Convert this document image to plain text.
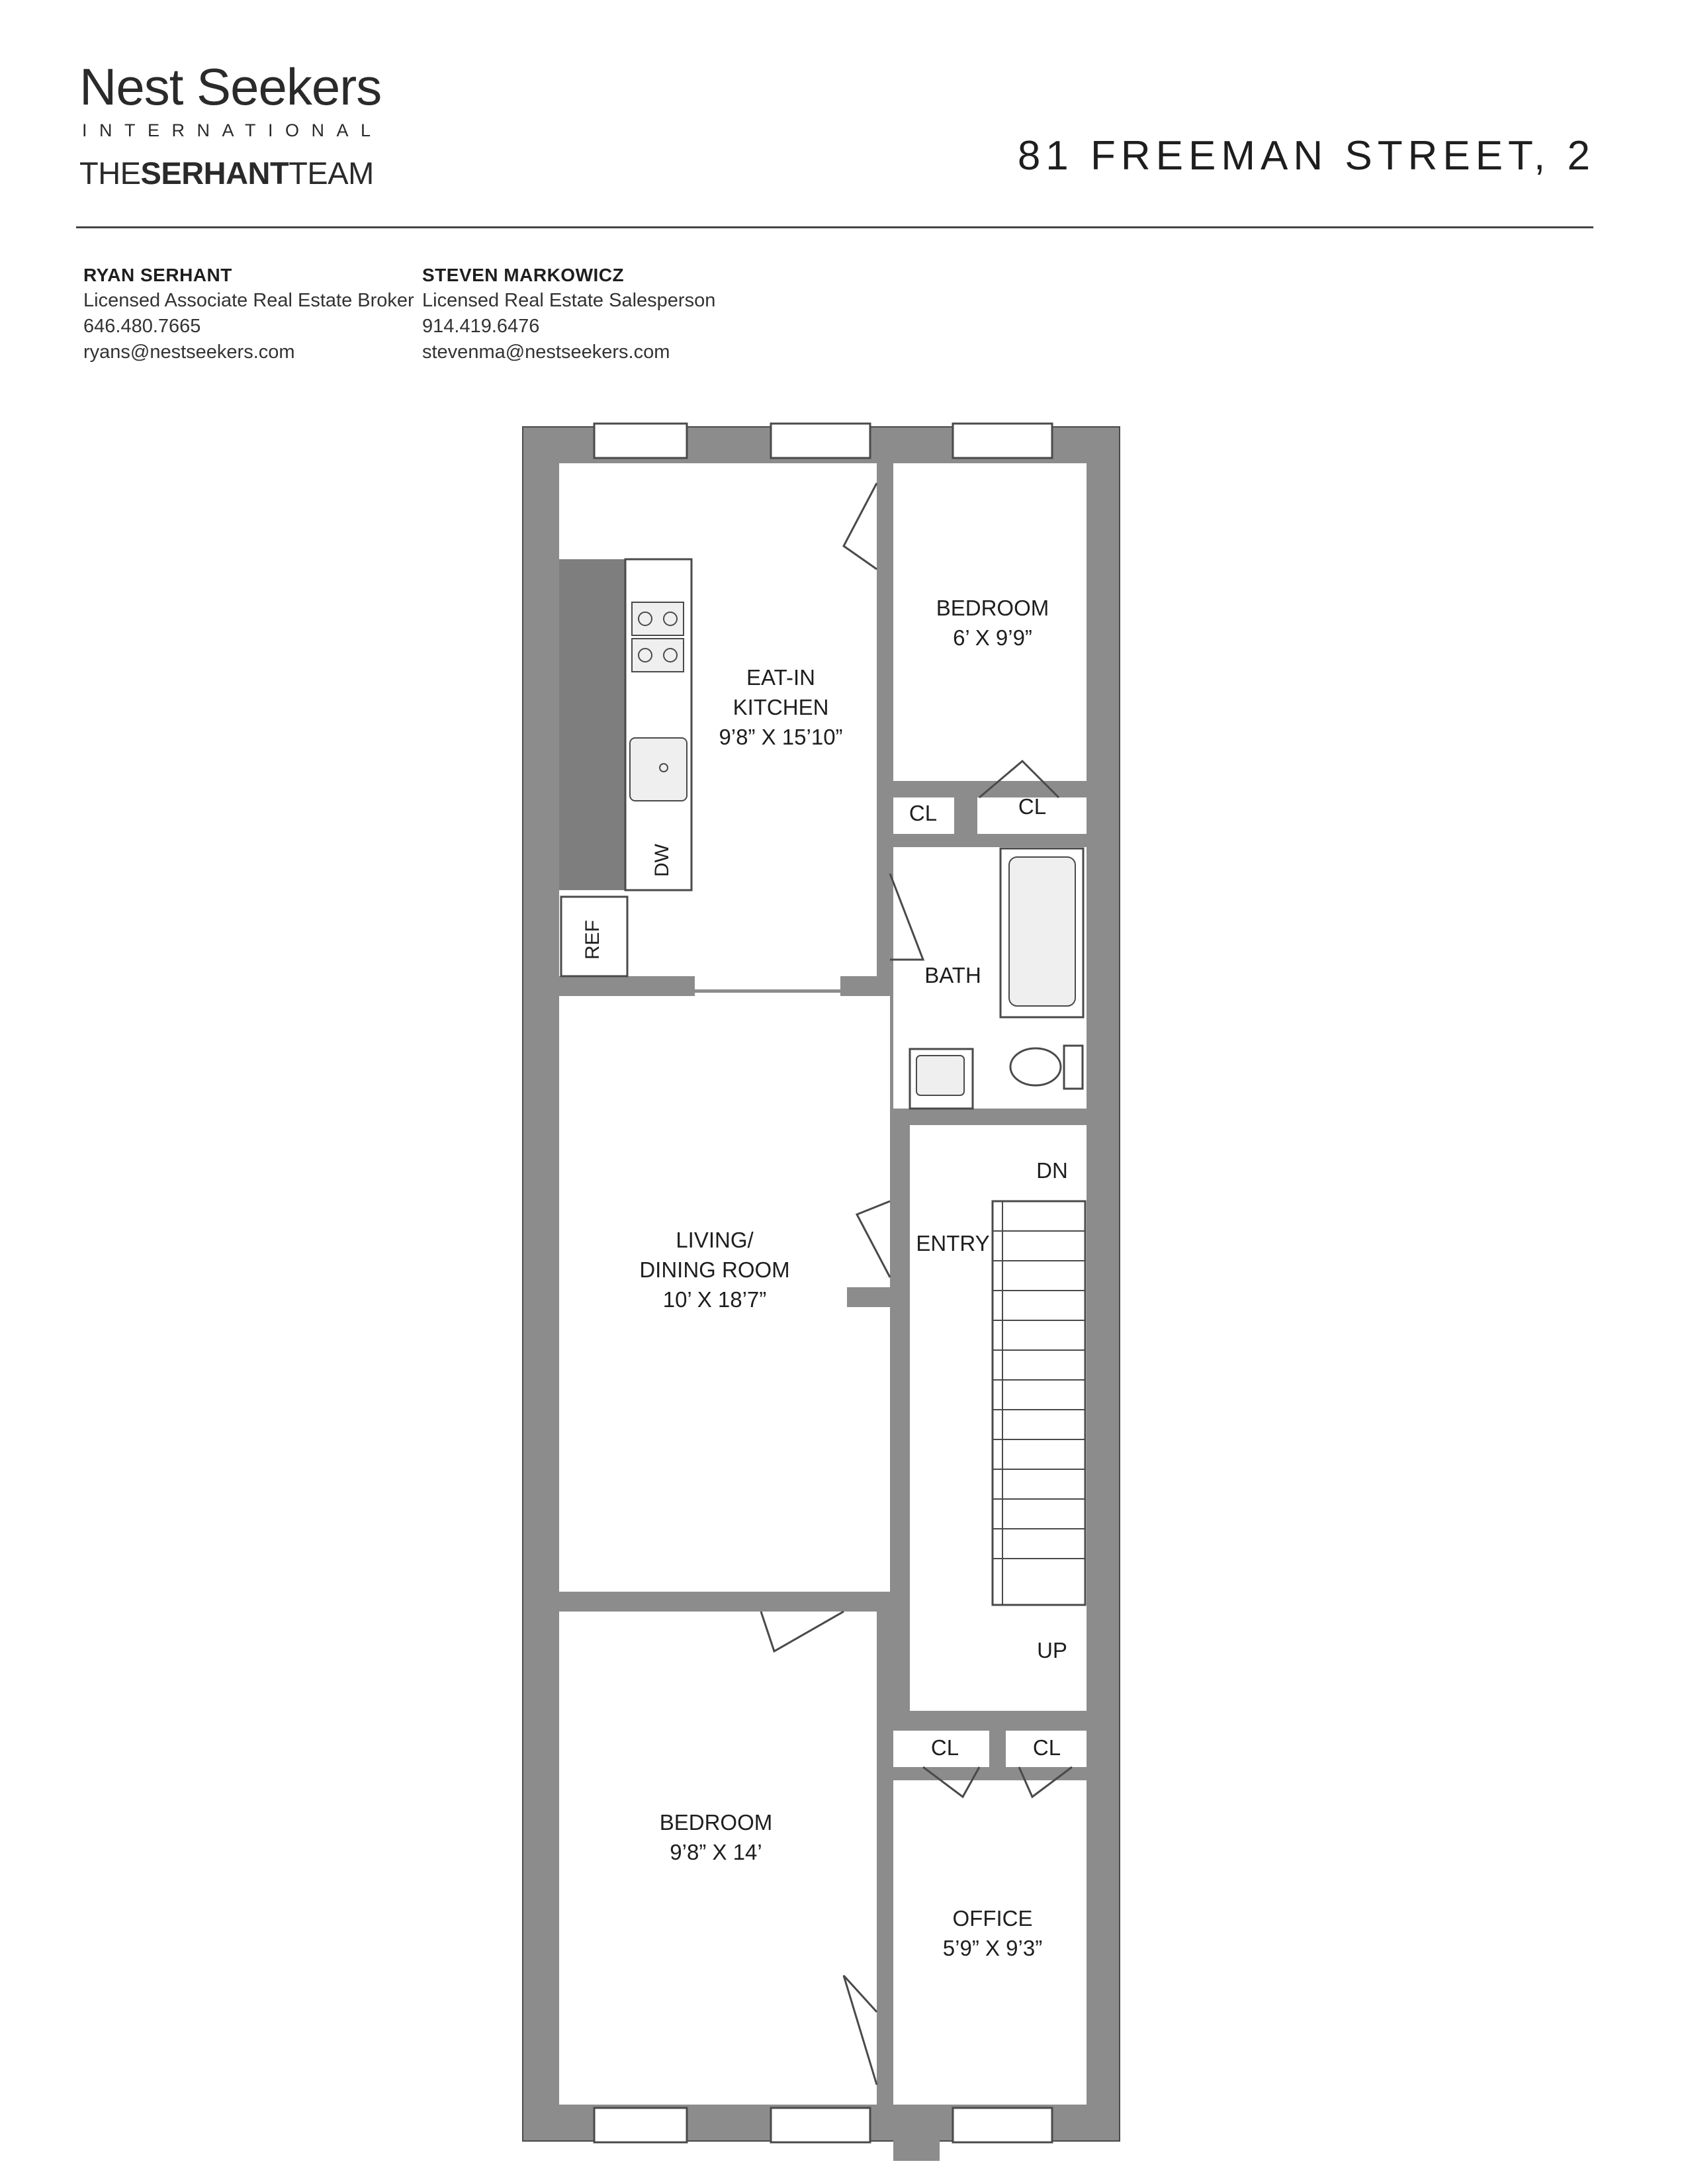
Nest Seekers
INTERNATIONAL
THESERHANTTEAM	81 FREEMAN STREET, 2
RYAN SERHANT
Licensed Associate Real Estate Broker
646.480.7665
ryans@nestseekers.com
STEVEN MARKOWICZ
Licensed Real Estate Salesperson
914.419.6476
stevenma@nestseekers.com
DW
REF
EAT-IN
KITCHEN
9’8” X 15’10”
BEDROOM
6’ X 9’9”
CL	CL
BATH
LIVING/
DINING ROOM
10’ X 18’7”
ENTRY
DN
UP
CL	CL
BEDROOM
9’8” X 14’
OFFICE
5’9” X 9’3”
